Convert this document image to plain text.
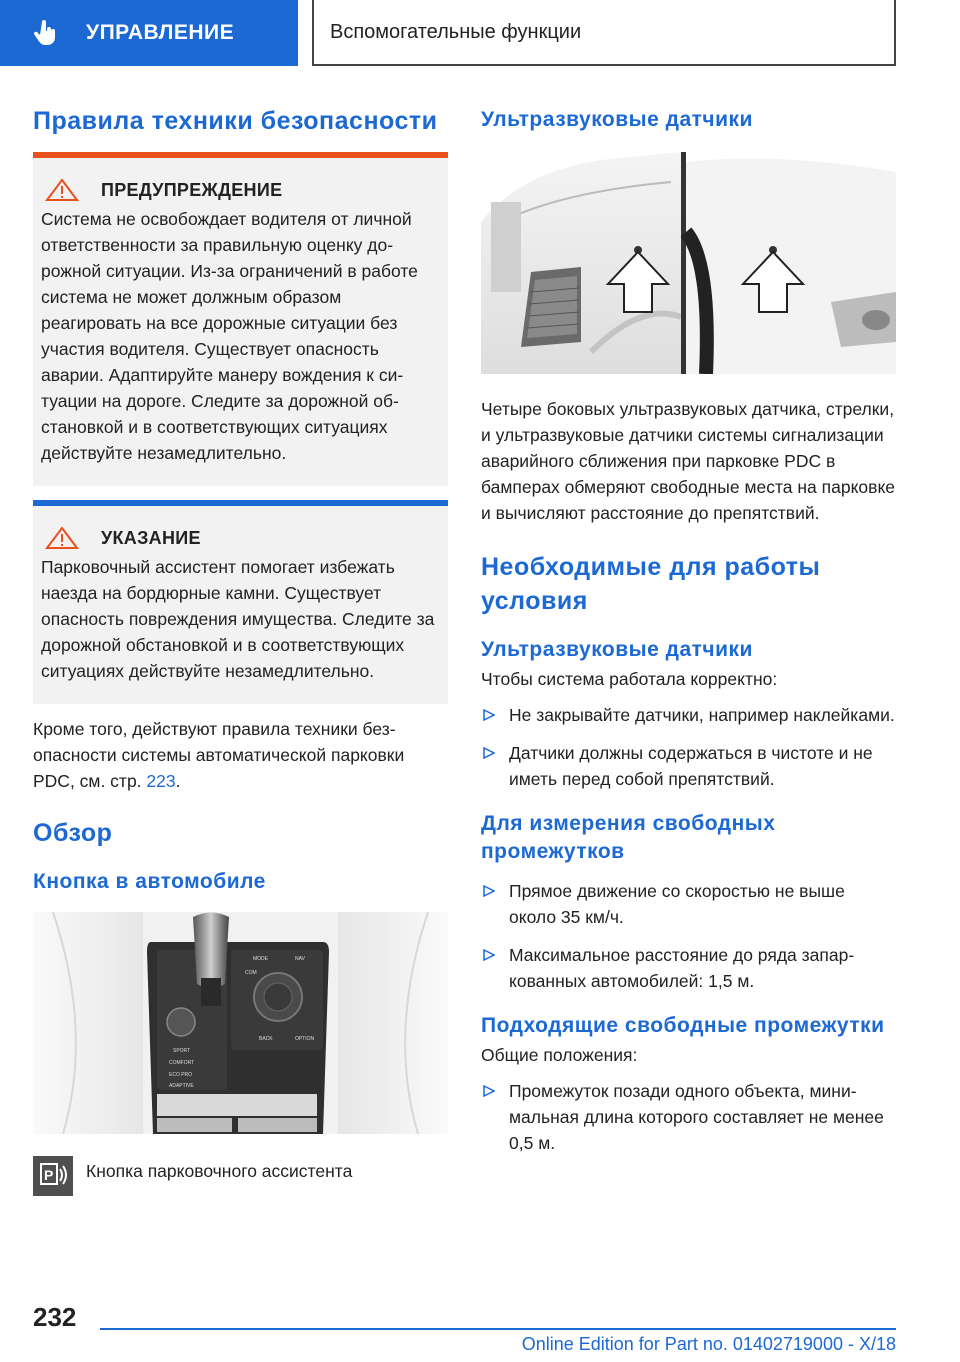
УПРАВЛЕНИЕ	Вспомогательные функции
Правила техники безопасности
ПРЕДУПРЕЖДЕНИЕ

Система не освобождает водителя от личной ответственности за правильную оценку дорожной ситуации. Из-за ограничений в работе система не может должным образом реагировать на все дорожные ситуации без участия водителя. Существует опасность аварии. Адаптируйте манеру вождения к ситуации на дороге. Следите за дорожной обстановкой и в соответствующих ситуациях действуйте незамедлительно.

УКАЗАНИЕ

Парковочный ассистент помогает избежать наезда на бордюрные камни. Существует опасность повреждения имущества. Следите за дорожной обстановкой и в соответствующих ситуациях действуйте незамедлительно.

Кроме того, действуют правила техники безопасности системы автоматической парковки PDC, см. стр. 223.

Обзор
Кнопка в автомобиле
SPORT
COMFORT
ECO PRO
ADAPTIVE
MODE	NAV
COM
BACK	OPTION
P Кнопка парковочного ассистента

Ультразвуковые датчики

Четыре боковых ультразвуковых датчика, стрелки, и ультразвуковые датчики системы сигнализации аварийного сближения при парковке PDC в бамперах обмеряют свободные места на парковке и вычисляют расстояние до препятствий.

Необходимые для работы условия
Ультразвуковые датчики

Чтобы система работала корректно:

Не закрывайте датчики, например наклейками.
Датчики должны содержаться в чистоте и не иметь перед собой препятствий.
Для измерения свободных промежутков
Прямое движение со скоростью не выше около 35 км/ч.
Максимальное расстояние до ряда запаркованных автомобилей: 1,5 м.
Подходящие свободные промежутки

Общие положения:

Промежуток позади одного объекта, минимальная длина которого составляет не менее 0,5 м.
232
Online Edition for Part no. 01402719000 - X/18
